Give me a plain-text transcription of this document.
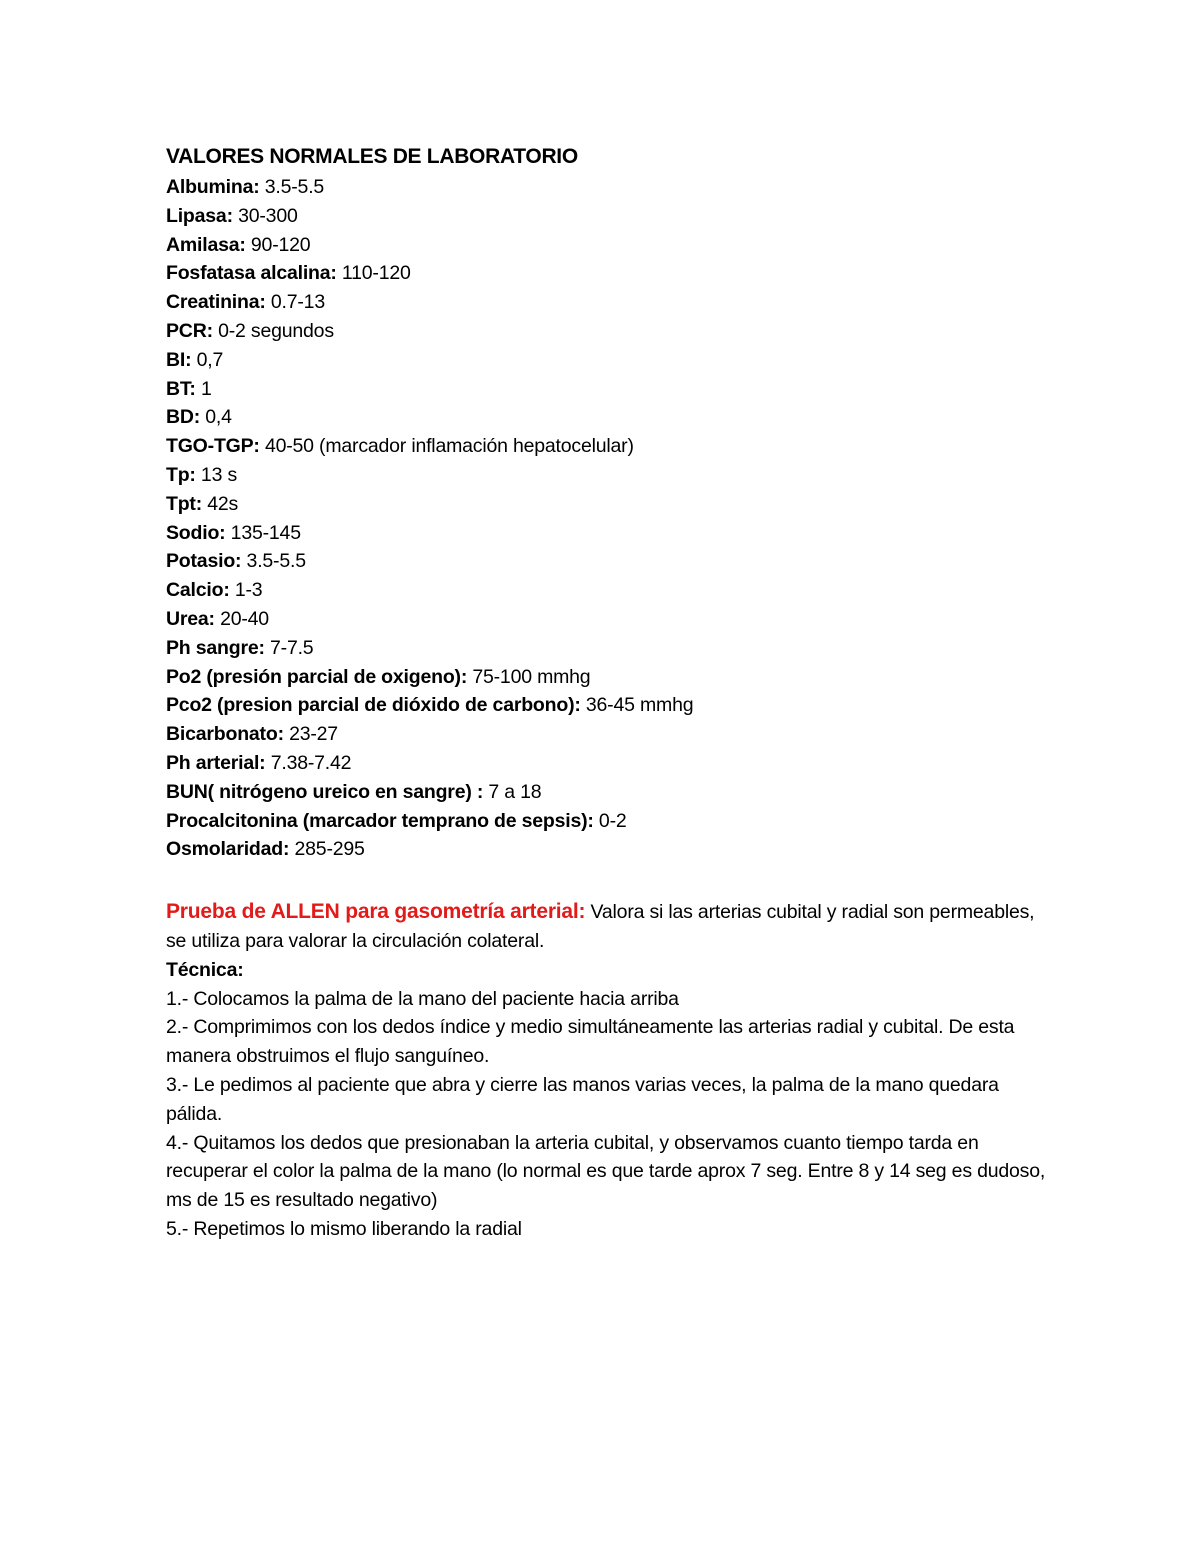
VALORES NORMALES DE LABORATORIO
Albumina: 3.5-5.5
Lipasa: 30-300
Amilasa: 90-120
Fosfatasa alcalina: 110-120
Creatinina: 0.7-13
PCR: 0-2 segundos
BI: 0,7
BT: 1
BD: 0,4
TGO-TGP: 40-50 (marcador inflamación hepatocelular)
Tp: 13 s
Tpt: 42s
Sodio: 135-145
Potasio: 3.5-5.5
Calcio: 1-3
Urea: 20-40
Ph sangre: 7-7.5
Po2 (presión parcial de oxigeno): 75-100 mmhg
Pco2 (presion parcial de dióxido de carbono): 36-45 mmhg
Bicarbonato: 23-27
Ph arterial: 7.38-7.42
BUN( nitrógeno ureico en sangre) : 7 a 18
Procalcitonina (marcador temprano de sepsis): 0-2
Osmolaridad: 285-295

Prueba de ALLEN para gasometría arterial: Valora si las arterias cubital y radial son permeables, se utiliza para valorar la circulación colateral.

Técnica:

1.- Colocamos la palma de la mano del paciente hacia arriba
2.- Comprimimos con los dedos índice y medio simultáneamente las arterias radial y cubital. De esta manera obstruimos el flujo sanguíneo.
3.- Le pedimos al paciente que abra y cierre las manos varias veces, la palma de la mano quedara pálida.
4.- Quitamos los dedos que presionaban la arteria cubital, y observamos cuanto tiempo tarda en recuperar el color la palma de la mano (lo normal es que tarde aprox 7 seg. Entre 8 y 14 seg es dudoso, ms de 15 es resultado negativo)
5.- Repetimos lo mismo liberando la radial
